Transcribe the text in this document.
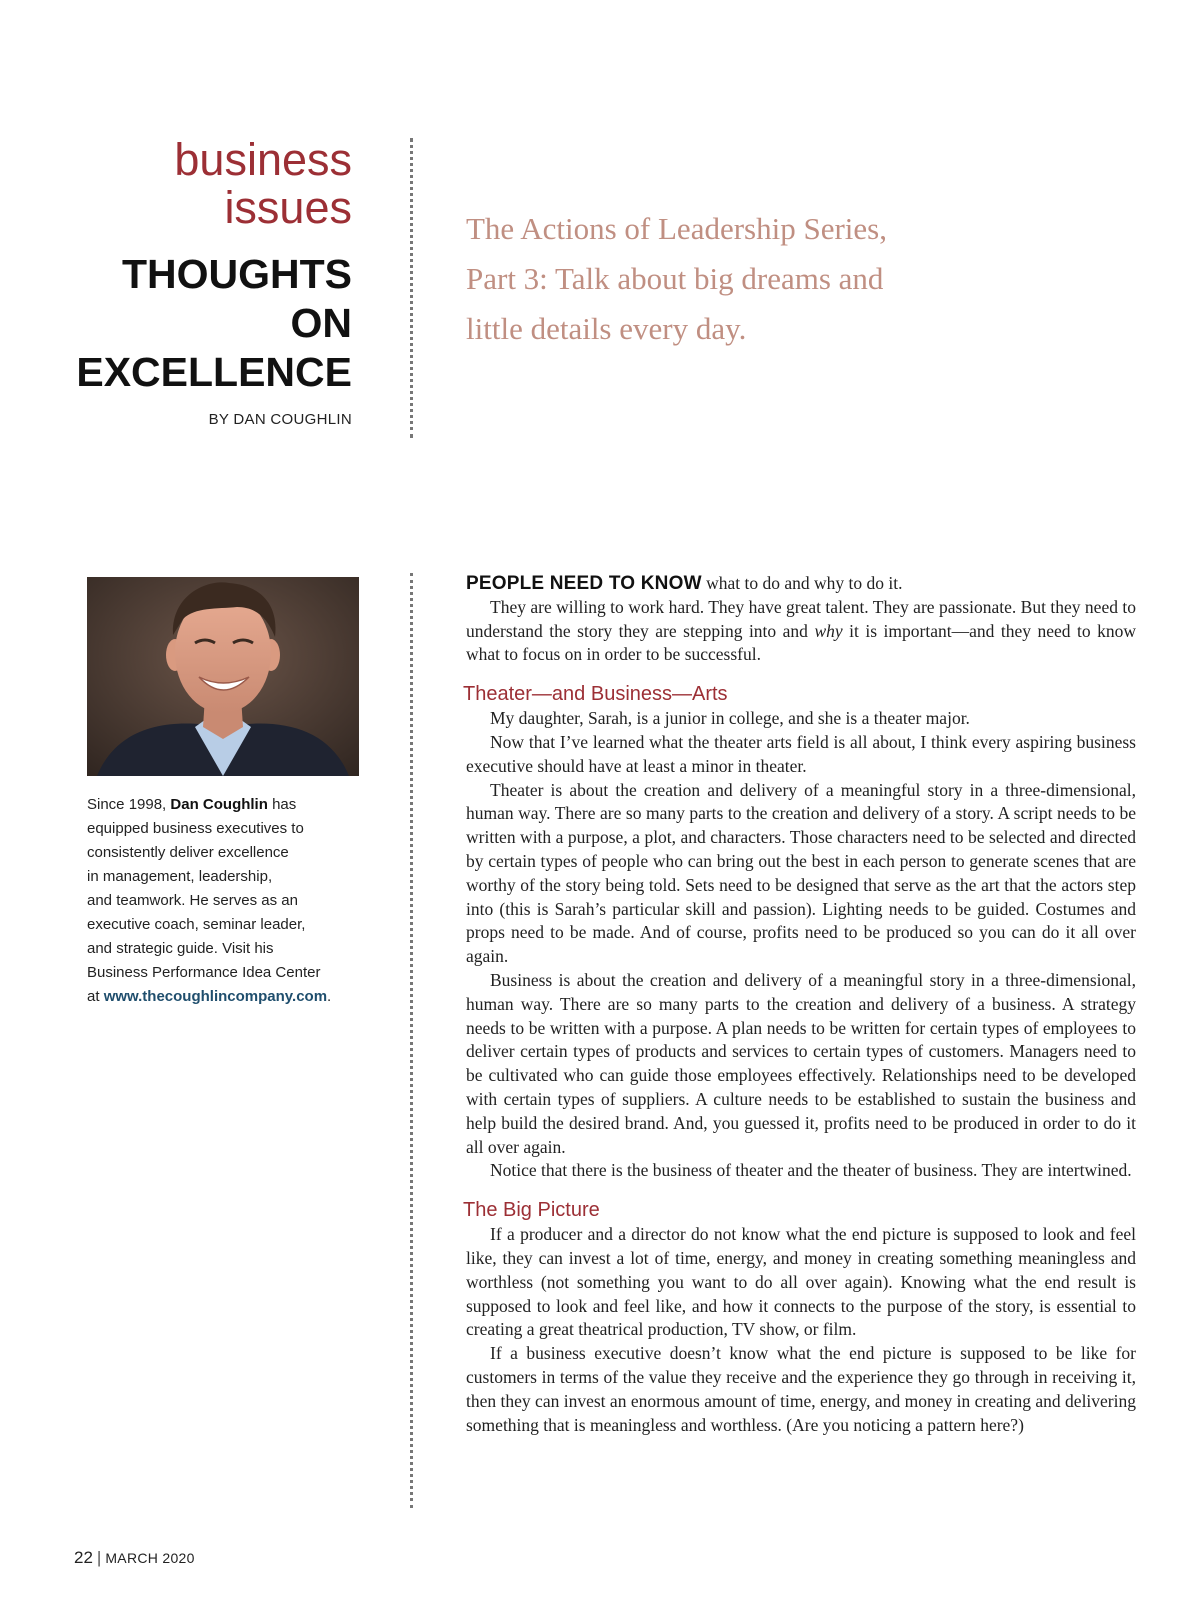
business
issues
THOUGHTS
ON
EXCELLENCE
BY DAN COUGHLIN
The Actions of Leadership Series,
Part 3: Talk about big dreams and
little details every day.
Since 1998, Dan Coughlin has
equipped business executives to
consistently deliver excellence
in management, leadership,
and teamwork. He serves as an
executive coach, seminar leader,
and strategic guide. Visit his
Business Performance Idea Center
at www.thecoughlincompany.com.

PEOPLE NEED TO KNOW what to do and why to do it.

They are willing to work hard. They have great talent. They are passionate. But they need to understand the story they are stepping into and why it is important—and they need to know what to focus on in order to be successful.

Theater—and Business—Arts

My daughter, Sarah, is a junior in college, and she is a theater major.

Now that I’ve learned what the theater arts field is all about, I think every aspiring business executive should have at least a minor in theater.

Theater is about the creation and delivery of a meaningful story in a three-dimensional, human way. There are so many parts to the creation and delivery of a story. A script needs to be written with a purpose, a plot, and characters. Those characters need to be selected and directed by certain types of people who can bring out the best in each person to generate scenes that are worthy of the story being told. Sets need to be designed that serve as the art that the actors step into (this is Sarah’s particular skill and passion). Lighting needs to be guided. Costumes and props need to be made. And of course, profits need to be produced so you can do it all over again.

Business is about the creation and delivery of a meaningful story in a three-dimensional, human way. There are so many parts to the creation and delivery of a business. A strategy needs to be written with a purpose. A plan needs to be written for certain types of employees to deliver certain types of products and services to certain types of customers. Managers need to be cultivated who can guide those employees effectively. Relationships need to be developed with certain types of suppliers. A culture needs to be established to sustain the business and help build the desired brand. And, you guessed it, profits need to be produced in order to do it all over again.

Notice that there is the business of theater and the theater of business. They are intertwined.

The Big Picture

If a producer and a director do not know what the end picture is supposed to look and feel like, they can invest a lot of time, energy, and money in creating something meaningless and worthless (not something you want to do all over again). Knowing what the end result is supposed to look and feel like, and how it connects to the purpose of the story, is essential to creating a great theatrical production, TV show, or film.

If a business executive doesn’t know what the end picture is supposed to be like for customers in terms of the value they receive and the experience they go through in receiving it, then they can invest an enormous amount of time, energy, and money in creating and delivering something that is meaningless and worthless. (Are you noticing a pattern here?)

22 | MARCH 2020
